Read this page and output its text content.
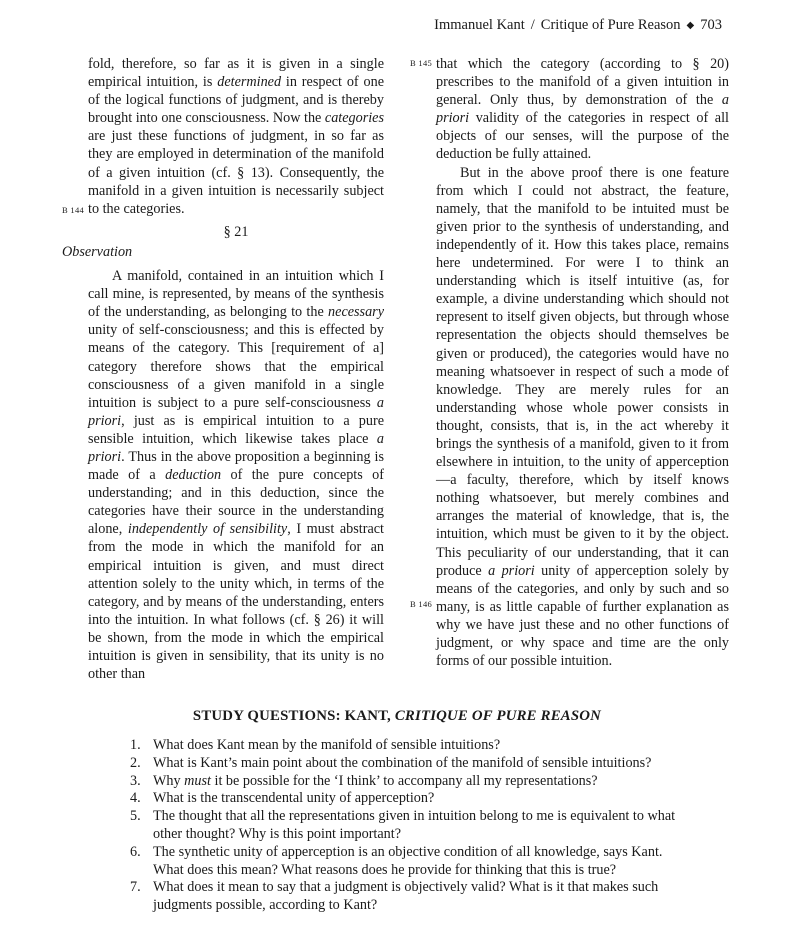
Immanuel Kant / Critique of Pure Reason ◆ 703
B 144
B 145
B 146

fold, therefore, so far as it is given in a single empirical intuition, is determined in respect of one of the logical functions of judgment, and is thereby brought into one consciousness. Now the categories are just these functions of judgment, in so far as they are employed in determination of the manifold of a given intuition (cf. § 13). Consequently, the manifold in a given intuition is necessarily subject to the categories.

§ 21

Observation

A manifold, contained in an intuition which I call mine, is represented, by means of the synthesis of the understanding, as belonging to the necessary unity of self-consciousness; and this is effected by means of the category. This [requirement of a] category therefore shows that the empirical consciousness of a given manifold in a single intuition is subject to a pure self-consciousness a priori, just as is empirical intuition to a pure sensible intuition, which likewise takes place a priori. Thus in the above proposition a beginning is made of a deduction of the pure concepts of understanding; and in this deduction, since the categories have their source in the understanding alone, independently of sensibility, I must abstract from the mode in which the manifold for an empirical intuition is given, and must direct attention solely to the unity which, in terms of the category, and by means of the understanding, enters into the intuition. In what follows (cf. § 26) it will be shown, from the mode in which the empirical intuition is given in sensibility, that its unity is no other than

that which the category (according to § 20) prescribes to the manifold of a given intuition in general. Only thus, by demonstration of the a priori validity of the categories in respect of all objects of our senses, will the purpose of the deduction be fully attained.

But in the above proof there is one feature from which I could not abstract, the feature, namely, that the manifold to be intuited must be given prior to the synthesis of understanding, and independently of it. How this takes place, remains here undetermined. For were I to think an understanding which is itself intuitive (as, for example, a divine understanding which should not represent to itself given objects, but through whose representation the objects should themselves be given or produced), the categories would have no meaning whatsoever in respect of such a mode of knowledge. They are merely rules for an understanding whose whole power consists in thought, consists, that is, in the act whereby it brings the synthesis of a manifold, given to it from elsewhere in intuition, to the unity of apperception—a faculty, therefore, which by itself knows nothing whatsoever, but merely combines and arranges the material of knowledge, that is, the intuition, which must be given to it by the object. This peculiarity of our understanding, that it can produce a priori unity of apperception solely by means of the categories, and only by such and so many, is as little capable of further explanation as why we have just these and no other functions of judgment, or why space and time are the only forms of our possible intuition.

STUDY QUESTIONS: KANT, CRITIQUE OF PURE REASON
1. What does Kant mean by the manifold of sensible intuitions?
2. What is Kant’s main point about the combination of the manifold of sensible intuitions?
3. Why must it be possible for the ‘I think’ to accompany all my representations?
4. What is the transcendental unity of apperception?
5. The thought that all the representations given in intuition belong to me is equivalent to what other thought? Why is this point important?
6. The synthetic unity of apperception is an objective condition of all knowledge, says Kant. What does this mean? What reasons does he provide for thinking that this is true?
7. What does it mean to say that a judgment is objectively valid? What is it that makes such judgments possible, according to Kant?
